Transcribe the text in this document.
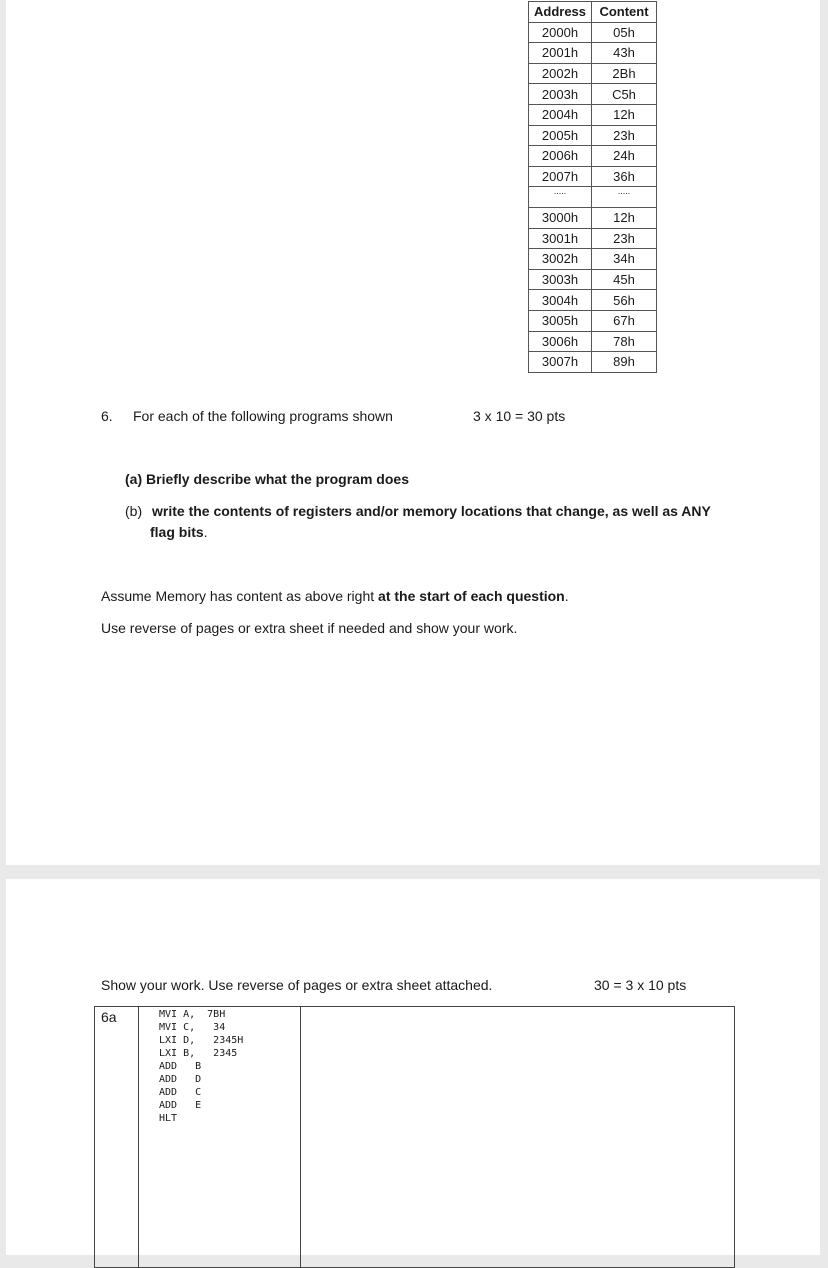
Address	Content
2000h	05h
2001h	43h
2002h	2Bh
2003h	C5h
2004h	12h
2005h	23h
2006h	24h
2007h	36h
.....	.....
3000h	12h
3001h	23h
3002h	34h
3003h	45h
3004h	56h
3005h	67h
3006h	78h
3007h	89h
6. For each of the following programs shown	3 x 10 = 30 pts
(a) Briefly describe what the program does
(b) write the contents of registers and/or memory locations that change, as well as ANY
flag bits.
Assume Memory has content as above right at the start of each question.
Use reverse of pages or extra sheet if needed and show your work.
Show your work. Use reverse of pages or extra sheet attached.	30 = 3 x 10 pts
6a	MVI A,  7BH
MVI C,   34
LXI D,   2345H
LXI B,   2345
ADD   B
ADD   D
ADD   C
ADD   E
HLT
